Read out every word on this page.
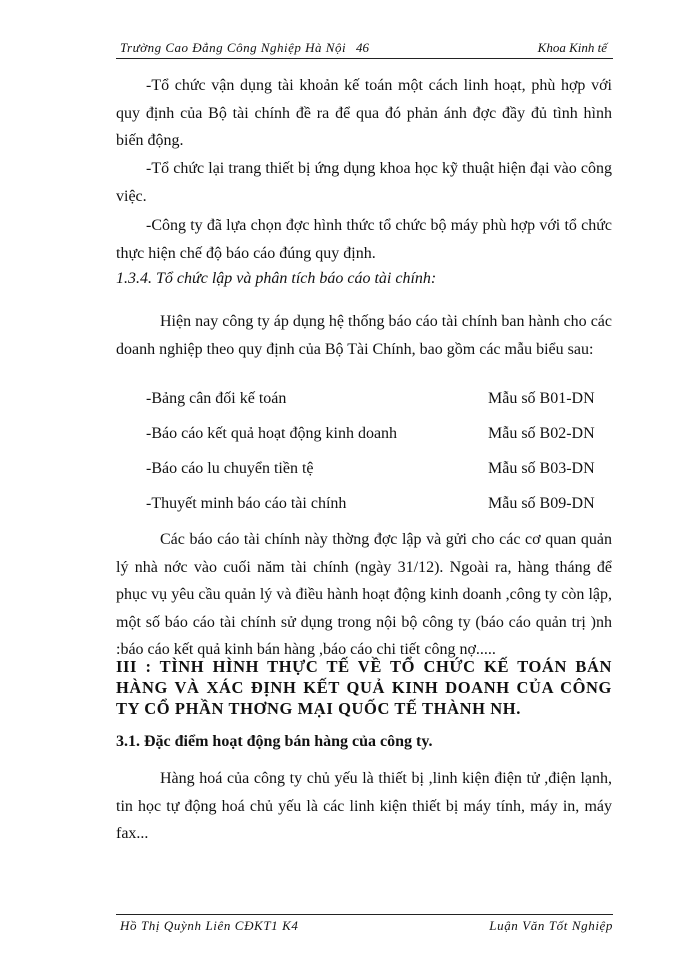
Trường Cao Đẳng Công Nghiệp Hà Nội 46	Khoa Kinh tế

-Tổ chức vận dụng tài khoản kế toán một cách linh hoạt, phù hợp với quy định của Bộ tài chính đề ra để qua đó phản ánh đợc đầy đủ tình hình biến động.

-Tổ chức lại trang thiết bị ứng dụng khoa học kỹ thuật hiện đại vào công việc.

-Công ty đã lựa chọn đợc hình thức tổ chức bộ máy phù hợp với tổ chức thực hiện chế độ báo cáo đúng quy định.

1.3.4. Tổ chức lập và phân tích báo cáo tài chính:

Hiện nay công ty áp dụng hệ thống báo cáo tài chính ban hành cho các doanh nghiệp theo quy định của Bộ Tài Chính, bao gồm các mẫu biểu sau:

-Bảng cân đối kế toán	Mẫu số B01-DN
-Báo cáo kết quả hoạt động kinh doanh	Mẫu số B02-DN
-Báo cáo lu chuyển tiền tệ	Mẫu số B03-DN
-Thuyết minh báo cáo tài chính	Mẫu số B09-DN

Các báo cáo tài chính này thờng đợc lập và gửi cho các cơ quan quản lý nhà nớc vào cuối năm tài chính (ngày 31/12). Ngoài ra, hàng tháng để phục vụ yêu cầu quản lý và điều hành hoạt động kinh doanh ,công ty còn lập, một số báo cáo tài chính sử dụng trong nội bộ công ty (báo cáo quản trị )nh :báo cáo kết quả kinh bán hàng ,báo cáo chi tiết công nợ.....

III : TÌNH HÌNH THỰC TẾ VỀ TỔ CHỨC KẾ TOÁN BÁN HÀNG VÀ XÁC ĐỊNH KẾT QUẢ KINH DOANH CỦA CÔNG TY CỔ PHẦN THƠNG MẠI QUỐC TẾ THÀNH NH.

3.1. Đặc điểm hoạt động bán hàng của công ty.

Hàng hoá của công ty chủ yếu là thiết bị ,linh kiện điện tử ,điện lạnh, tin học tự động hoá chủ yếu là các linh kiện thiết bị máy tính, máy in, máy fax...

Hồ Thị Quỳnh Liên CĐKT1 K4	Luận Văn Tốt Nghiệp
